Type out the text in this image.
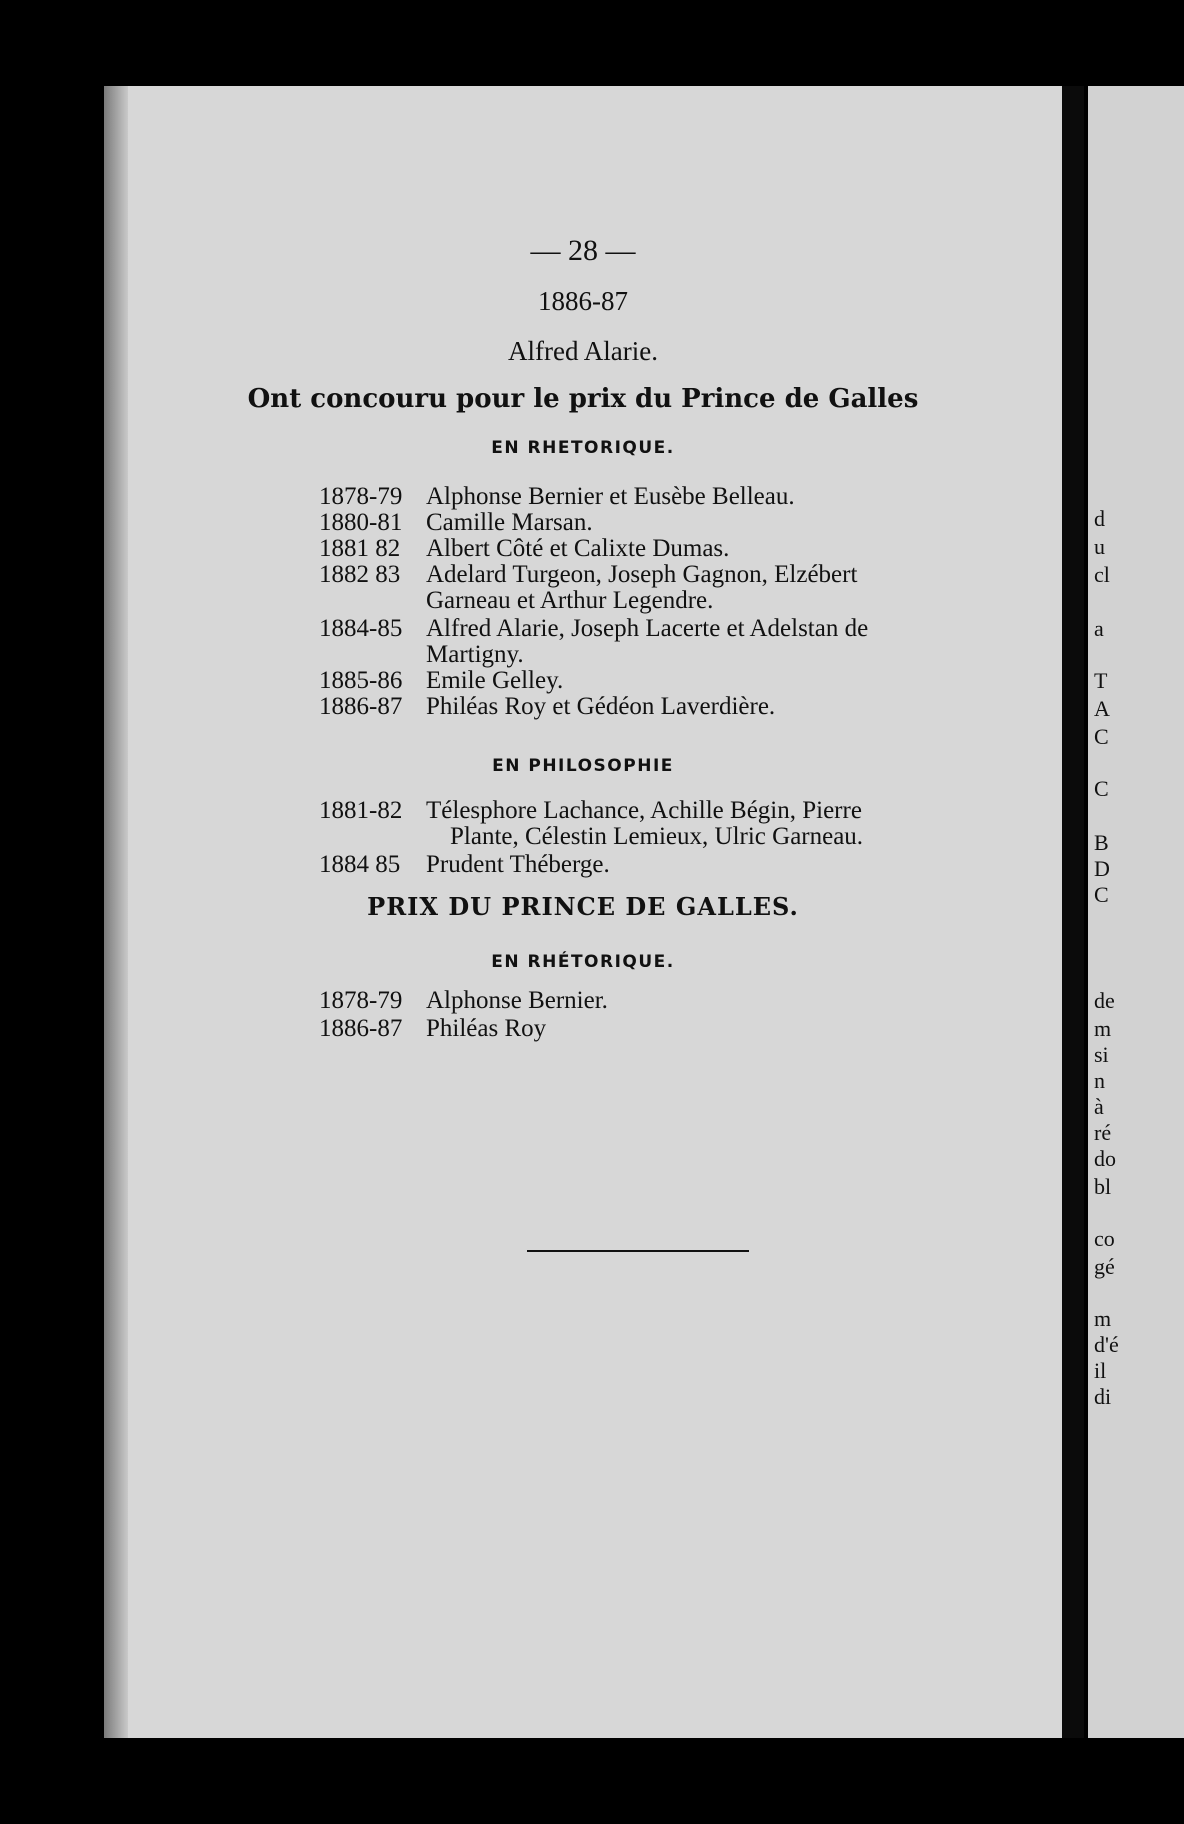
— 28 —
1886-87
Alfred Alarie.
Ont concouru pour le prix du Prince de Galles
EN RHETORIQUE.
1878-79 Alphonse Bernier et Eusèbe Belleau.
1880-81 Camille Marsan.
1881 82 Albert Côté et Calixte Dumas.
1882 83 Adelard Turgeon, Joseph Gagnon, Elzébert
Garneau et Arthur Legendre.
1884-85 Alfred Alarie, Joseph Lacerte et Adelstan de
Martigny.
1885-86 Emile Gelley.
1886-87 Philéas Roy et Gédéon Laverdière.
EN PHILOSOPHIE
1881-82 Télesphore Lachance, Achille Bégin, Pierre
Plante, Célestin Lemieux, Ulric Garneau.
1884 85 Prudent Théberge.
PRIX DU PRINCE DE GALLES.
EN RHÉTORIQUE.
1878-79 Alphonse Bernier.
1886-87 Philéas Roy
d
u
cl
a
T
A
C
C
B
D
C
de
m
si
n
à
ré
do
bl
co
gé
m
d'é
il
di
